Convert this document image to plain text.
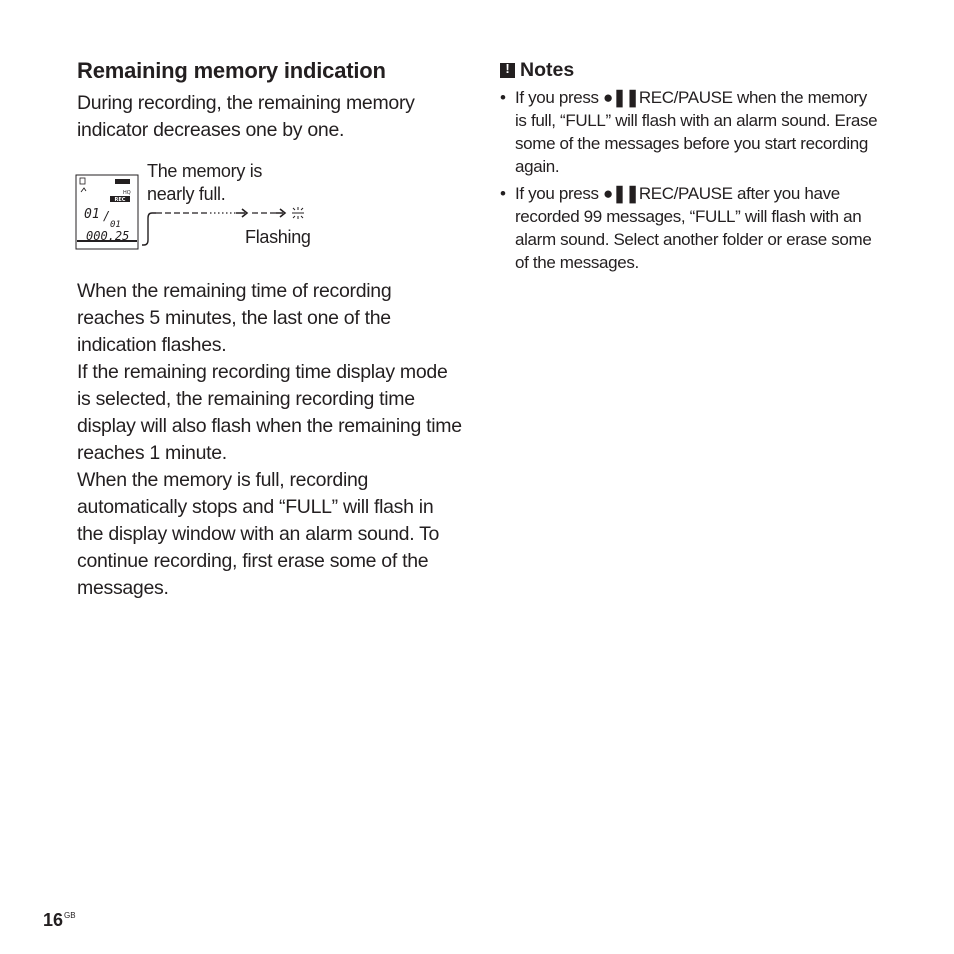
Remaining memory indication
During recording, the remaining memory indicator decreases one by one.
HQ
REC
01 /
01
000.25
The memory is nearly full.
Flashing

When the remaining time of recording reaches 5 minutes, the last one of the indication flashes.

If the remaining recording time display mode is selected, the remaining recording time display will also flash when the remaining time reaches 1 minute.

When the memory is full, recording automatically stops and “FULL” will flash in the display window with an alarm sound. To continue recording, first erase some of the messages.

!
Notes
• If you press ●❚❚REC/PAUSE when the memory is full, “FULL” will flash with an alarm sound. Erase some of the messages before you start recording again.
• If you press ●❚❚REC/PAUSE after you have recorded 99 messages, “FULL” will flash with an alarm sound. Select another folder or erase some of the messages.
$16^{GB}$
